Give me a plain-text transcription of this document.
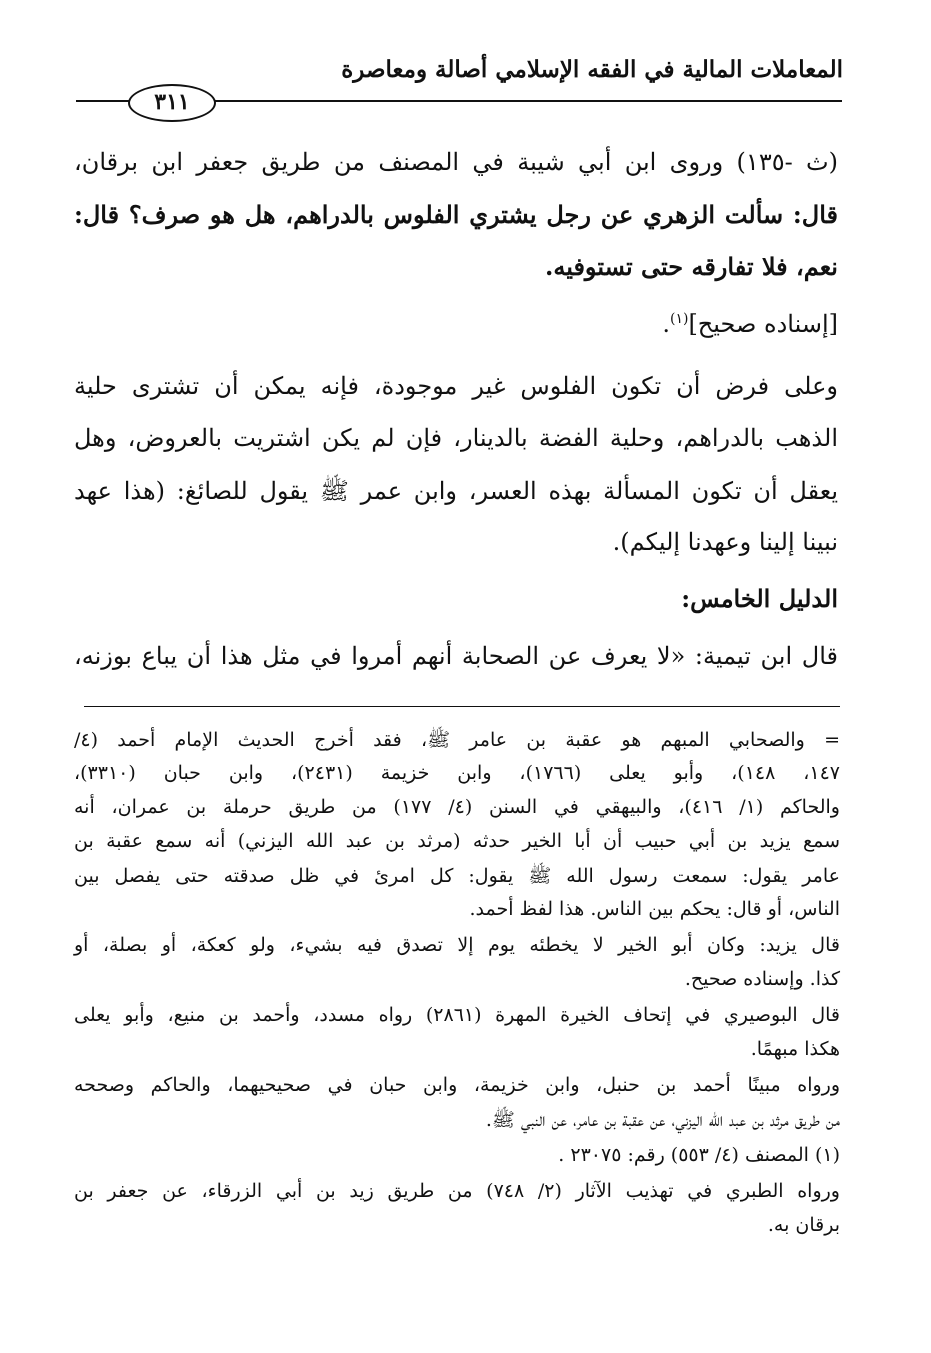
المعاملات المالية في الفقه الإسلامي أصالة ومعاصرة
٣١١
(ث -١٣٥) وروى ابن أبي شيبة في المصنف من طريق جعفر ابن برقان،
قال: سألت الزهري عن رجل يشتري الفلوس بالدراهم، هل هو صرف؟ قال:
نعم، فلا تفارقه حتى تستوفيه.
[إسناده صحيح]$^{(١)}$.
وعلى فرض أن تكون الفلوس غير موجودة، فإنه يمكن أن تشترى حلية
الذهب بالدراهم، وحلية الفضة بالدينار، فإن لم يكن اشتريت بالعروض، وهل
يعقل أن تكون المسألة بهذه العسر، وابن عمر ﷺ يقول للصائغ: (هذا عهد
نبينا إلينا وعهدنا إليكم).
الدليل الخامس:
قال ابن تيمية: «لا يعرف عن الصحابة أنهم أمروا في مثل هذا أن يباع بوزنه،
= والصحابي المبهم هو عقبة بن عامر ﷺ، فقد أخرج الحديث الإمام أحمد (٤/
١٤٧، ١٤٨)، وأبو يعلى (١٧٦٦)، وابن خزيمة (٢٤٣١)، وابن حبان (٣٣١٠)،
والحاكم (١/ ٤١٦)، والبيهقي في السنن (٤/ ١٧٧) من طريق حرملة بن عمران، أنه
سمع يزيد بن أبي حبيب أن أبا الخير حدثه (مرثد بن عبد الله اليزني) أنه سمع عقبة بن
عامر يقول: سمعت رسول الله ﷺ يقول: كل امرئ في ظل صدقته حتى يفصل بين
الناس، أو قال: يحكم بين الناس. هذا لفظ أحمد.
قال يزيد: وكان أبو الخير لا يخطئه يوم إلا تصدق فيه بشيء، ولو كعكة، أو بصلة، أو
كذا. وإسناده صحيح.
قال البوصيري في إتحاف الخيرة المهرة (٢٨٦١) رواه مسدد، وأحمد بن منيع، وأبو يعلى
هكذا مبهمًا.
ورواه مبينًا أحمد بن حنبل، وابن خزيمة، وابن حبان في صحيحيهما، والحاكم وصححه
من طريق مرثد بن عبد الله اليزني، عن عقبة بن عامر، عن النبي ﷺ.
(١) المصنف (٤/ ٥٥٣) رقم: ٢٣٠٧٥ .
ورواه الطبري في تهذيب الآثار (٢/ ٧٤٨) من طريق زيد بن أبي الزرقاء، عن جعفر بن
برقان به.
